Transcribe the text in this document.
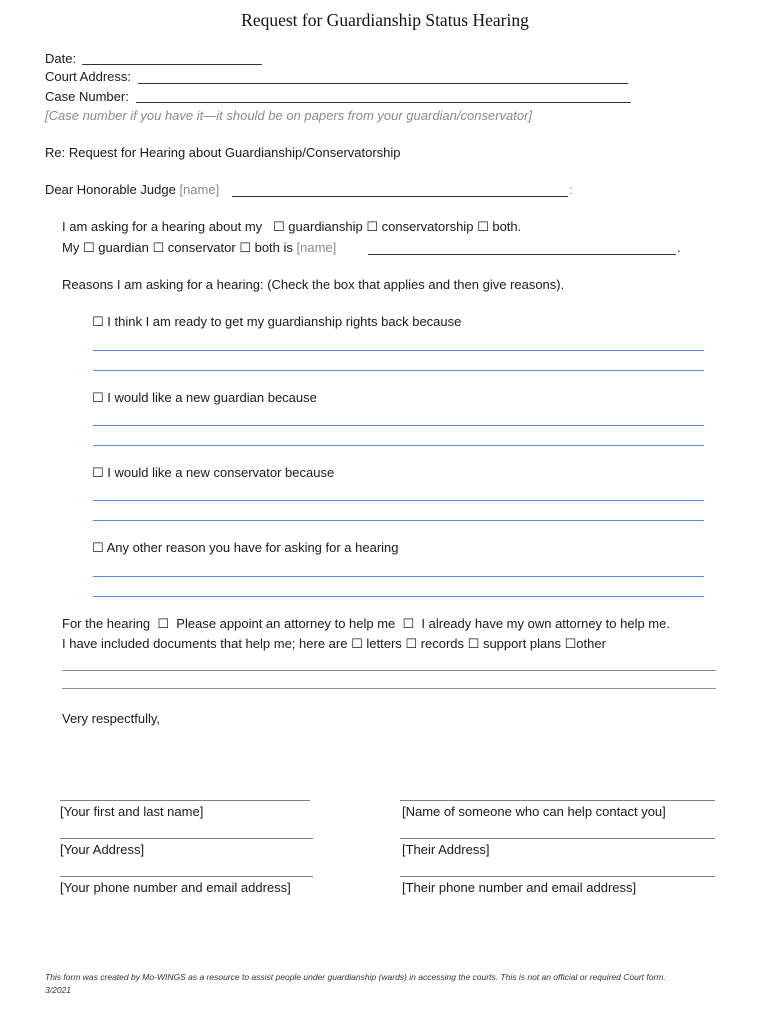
Request for Guardianship Status Hearing
Date:
Court Address:
Case Number:
[Case number if you have it—it should be on papers from your guardian/conservator]
Re: Request for Hearing about Guardianship/Conservatorship
Dear Honorable Judge [name]	:
I am asking for a hearing about my ☐ guardianship ☐ conservatorship ☐ both.
My ☐ guardian ☐ conservator ☐ both is [name]	.
Reasons I am asking for a hearing: (Check the box that applies and then give reasons).
☐ I think I am ready to get my guardianship rights back because
☐ I would like a new guardian because
☐ I would like a new conservator because
☐ Any other reason you have for asking for a hearing
For the hearing ☐ Please appoint an attorney to help me ☐ I already have my own attorney to help me.
I have included documents that help me; here are ☐ letters ☐ records ☐ support plans ☐other
Very respectfully,
[Your first and last name]
[Your Address]
[Your phone number and email address]
[Name of someone who can help contact you]
[Their Address]
[Their phone number and email address]
This form was created by Mo-WINGS as a resource to assist people under guardianship (wards) in accessing the courts. This is not an official or required Court form.
3/2021
